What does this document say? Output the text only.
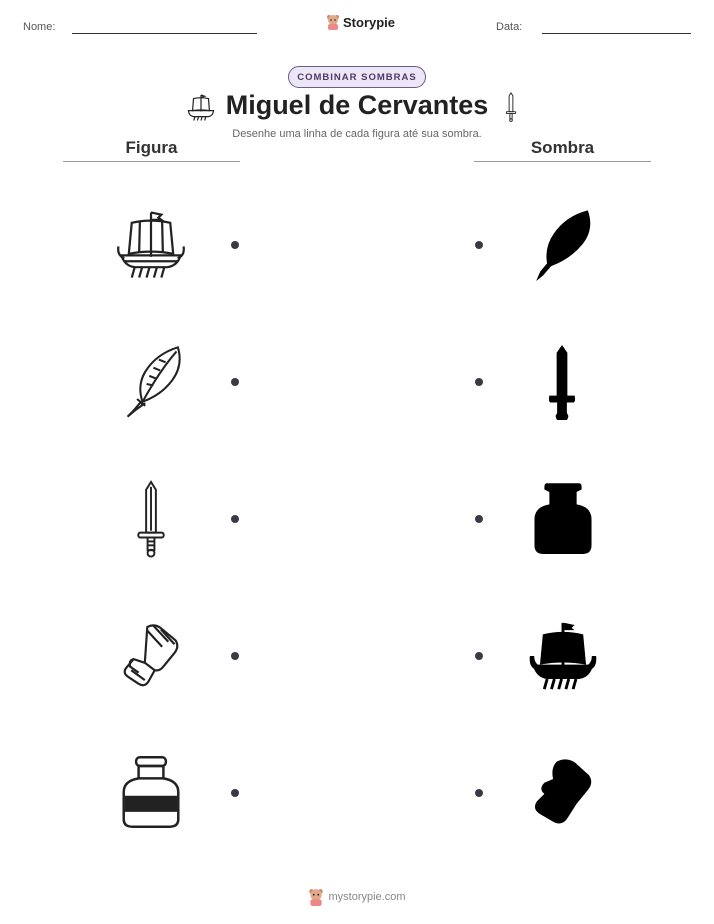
Nome:	Storypie	Data:
COMBINAR SOMBRAS
Miguel de Cervantes
Desenhe uma linha de cada figura até sua sombra.
Figura	Sombra
mystorypie.com
